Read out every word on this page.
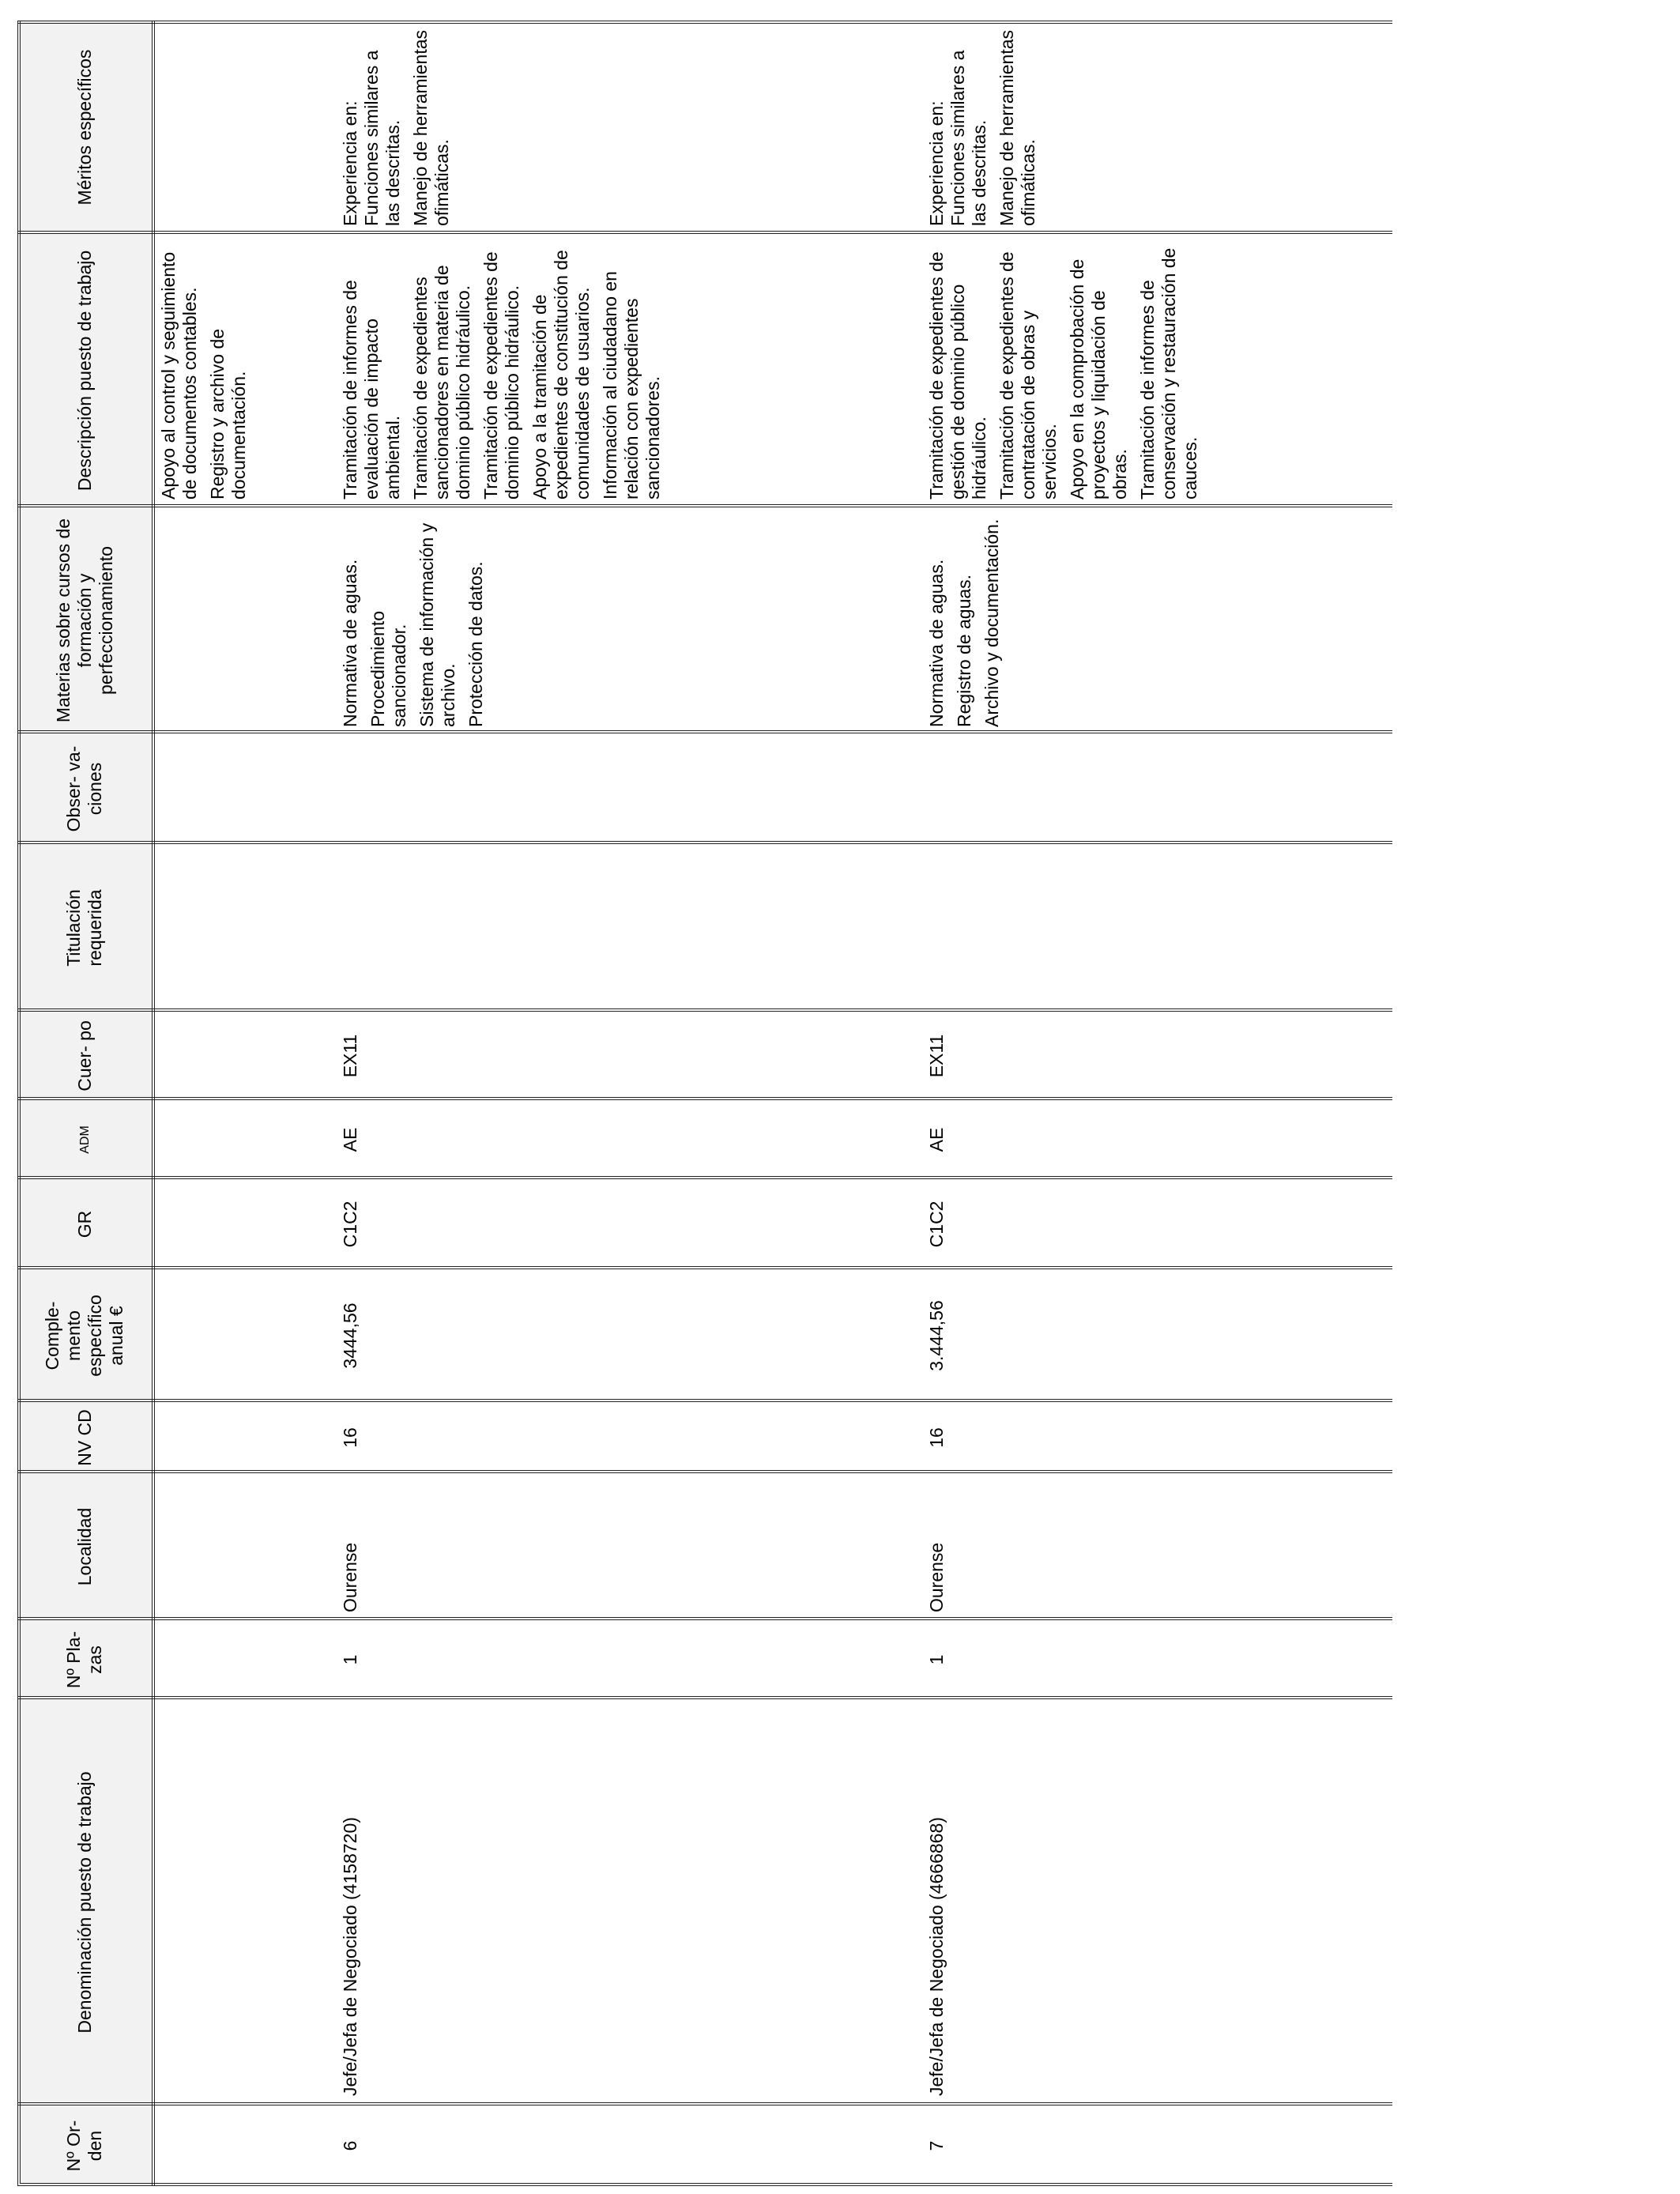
Nº Or- den
Denominación puesto de trabajo
Nº Pla- zas
Localidad
NV CD
Comple- mento específico anual €
GR
ADM
Cuer- po
Titulación requerida
Obser- va- ciones
Materias sobre cursos de formación y perfeccionamiento
Descripción puesto de trabajo
Méritos específicos

Apoyo al control y seguimiento de documentos contables. Registro y archivo de documentación.

6
Jefe/Jefa de Negociado (4158720)
1
Ourense
16
3444,56
C1C2
AE
EX11

Normativa de aguas. Procedimiento sancionador. Sistema de información y archivo. Protección de datos.

Tramitación de informes de evaluación de impacto ambiental. Tramitación de expedientes sancionadores en materia de dominio público hidráulico. Tramitación de expedientes de dominio público hidráulico. Apoyo a la tramitación de expedientes de constitución de comunidades de usuarios. Información al ciudadano en relación con expedientes sancionadores.

Experiencia en: Funciones similares a las descritas. Manejo de herramientas ofimáticas.

7
Jefe/Jefa de Negociado (4666868)
1
Ourense
16
3.444,56
C1C2
AE
EX11

Normativa de aguas. Registro de aguas. Archivo y documentación.

Tramitación de expedientes de gestión de dominio público hidráulico. Tramitación de expedientes de contratación de obras y servicios. Apoyo en la comprobación de proyectos y liquidación de obras. Tramitación de informes de conservación y restauración de cauces.

Experiencia en: Funciones similares a las descritas. Manejo de herramientas ofimáticas.
